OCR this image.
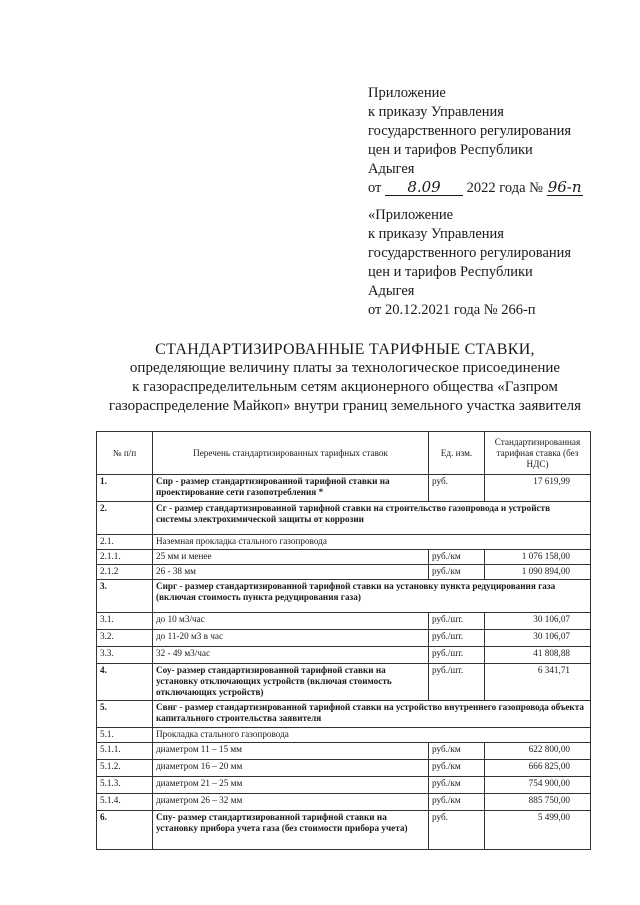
Приложение
к приказу Управления
государственного регулирования
цен и тарифов Республики
Адыгея
от 8.09 2022 года № 96-п
«Приложение
к приказу Управления
государственного регулирования
цен и тарифов Республики
Адыгея
от 20.12.2021 года № 266-п
СТАНДАРТИЗИРОВАННЫЕ ТАРИФНЫЕ СТАВКИ,
определяющие величину платы за технологическое присоединение
к газораспределительным сетям акционерного общества «Газпром
газораспределение Майкоп» внутри границ земельного участка заявителя
№ п/п	Перечень стандартизированных тарифных ставок	Ед. изм.	Стандартизированная тарифная ставка (без НДС)
1.	Спр - размер стандартизированной тарифной ставки на проектирование сети газопотребления *	руб.	17 619,99
2.	Сг - размер стандартизированной тарифной ставки на строительство газопровода и устройств системы электрохимической защиты от коррозии		
2.1.	Наземная прокладка стального газопровода		
2.1.1.	25 мм и менее	руб./км	1 076 158,00
2.1.2	26 - 38 мм	руб./км	1 090 894,00
3.	Сирг - размер стандартизированной тарифной ставки на установку пункта редуцирования газа (включая стоимость пункта редуцирования газа)		
3.1.	до 10 м3/час	руб./шт.	30 106,07
3.2.	до 11-20 м3 в час	руб./шт.	30 106,07
3.3.	32 - 49 м3/час	руб./шт.	41 808,88
4.	Соу- размер стандартизированной тарифной ставки на установку отключающих устройств (включая стоимость отключающих устройств)	руб./шт.	6 341,71
5.	Свнг - размер стандартизированной тарифной ставки на устройство внутреннего газопровода объекта капитального строительства заявителя		
5.1.	Прокладка стального газопровода		
5.1.1.	диаметром 11 – 15 мм	руб./км	622 800,00
5.1.2.	диаметром 16 – 20 мм	руб./км	666 825,00
5.1.3.	диаметром 21 – 25 мм	руб./км	754 900,00
5.1.4.	диаметром 26 – 32 мм	руб./км	885 750,00
6.	Спу- размер стандартизированной тарифной ставки на установку прибора учета газа (без стоимости прибора учета)	руб.	5 499,00
